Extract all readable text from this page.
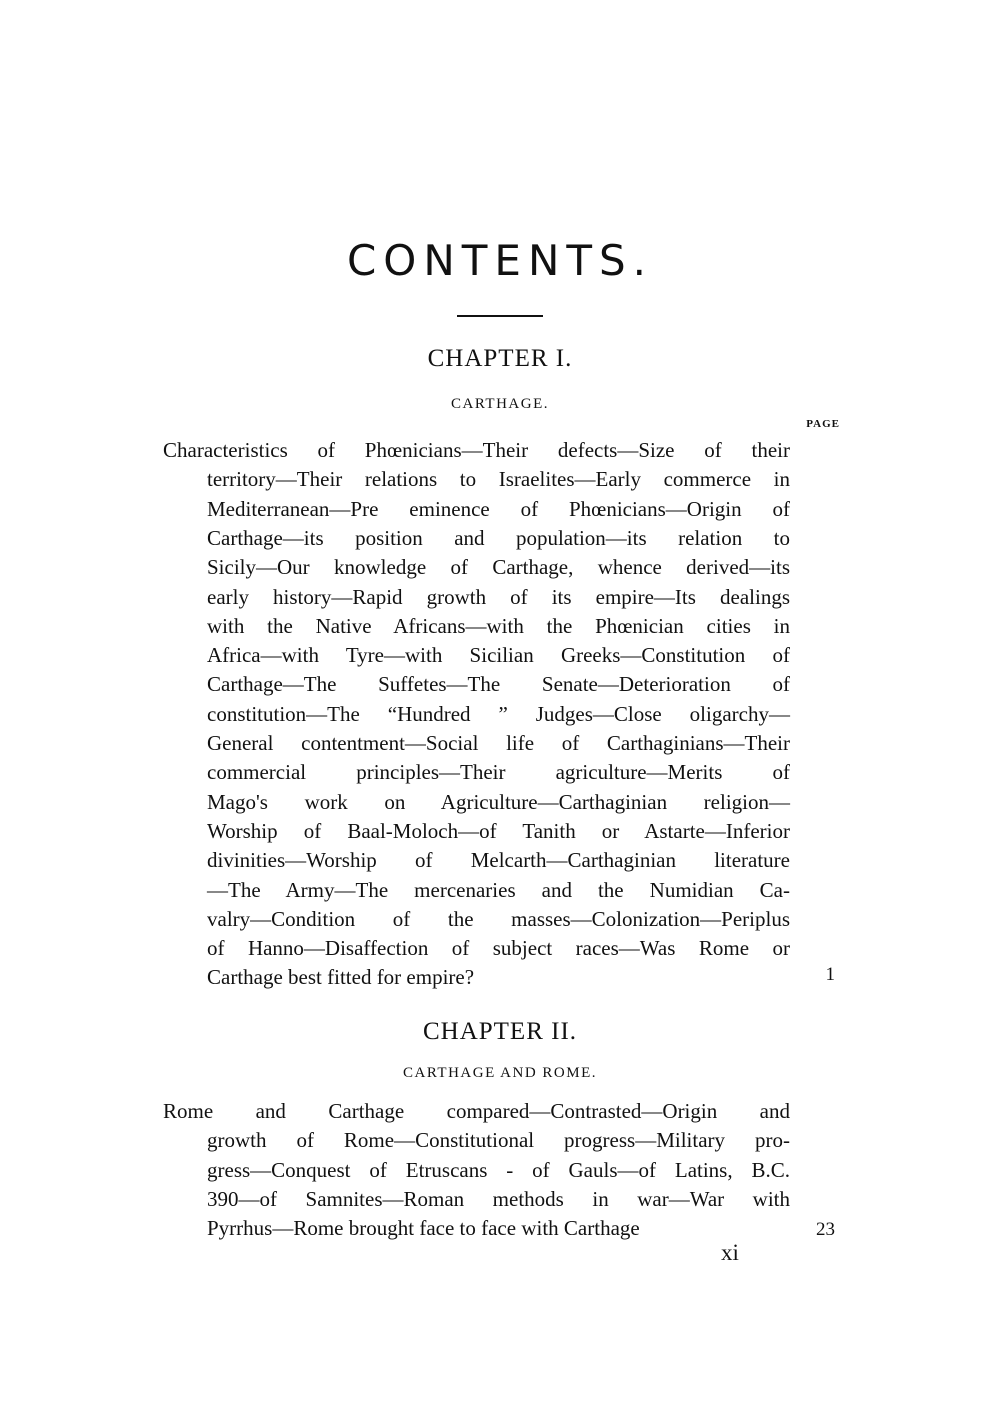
CONTENTS.
CHAPTER I.
CARTHAGE.
PAGE
Characteristics of Phœnicians—Their defects—Size of their
territory—Their relations to Israelites—Early commerce in
Mediterranean—Pre eminence of Phœnicians—Origin of
Carthage—its position and population—its relation to
Sicily—Our knowledge of Carthage, whence derived—its
early history—Rapid growth of its empire—Its dealings
with the Native Africans—with the Phœnician cities in
Africa—with Tyre—with Sicilian Greeks—Constitution of
Carthage—The Suffetes—The Senate—Deterioration of
constitution—The “Hundred ” Judges—Close oligarchy—
General contentment—Social life of Carthaginians—Their
commercial principles—Their agriculture—Merits of
Mago's work on Agriculture—Carthaginian religion—
Worship of Baal-Moloch—of Tanith or Astarte—Inferior
divinities—Worship of Melcarth—Carthaginian literature
—The Army—The mercenaries and the Numidian Ca-
valry—Condition of the masses—Colonization—Periplus
of Hanno—Disaffection of subject races—Was Rome or
Carthage best fitted for empire?	1
CHAPTER II.
CARTHAGE AND ROME.
Rome and Carthage compared—Contrasted—Origin and
growth of Rome—Constitutional progress—Military pro-
gress—Conquest of Etruscans - of Gauls—of Latins, B.C.
390—of Samnites—Roman methods in war—War with
Pyrrhus—Rome brought face to face with Carthage	23
xi
